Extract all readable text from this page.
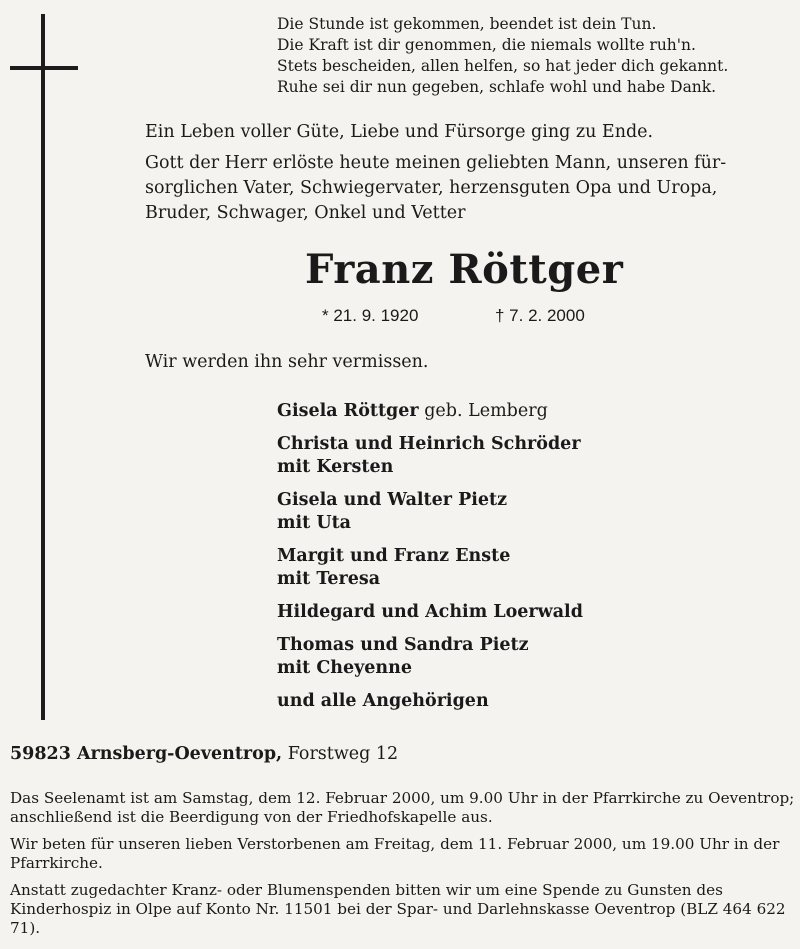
Die Stunde ist gekommen, beendet ist dein Tun.
Die Kraft ist dir genommen, die niemals wollte ruh'n.
Stets bescheiden, allen helfen, so hat jeder dich gekannt.
Ruhe sei dir nun gegeben, schlafe wohl und habe Dank.

Ein Leben voller Güte, Liebe und Fürsorge ging zu Ende.

Gott der Herr erlöste heute meinen geliebten Mann, unseren für-

sorglichen Vater, Schwiegervater, herzensguten Opa und Uropa,

Bruder, Schwager, Onkel und Vetter

Franz Röttger
* 21. 9. 1920	† 7. 2. 2000
Wir werden ihn sehr vermissen.
Gisela Röttger geb. Lemberg
Christa und Heinrich Schröder
mit Kersten
Gisela und Walter Pietz
mit Uta
Margit und Franz Enste
mit Teresa
Hildegard und Achim Loerwald
Thomas und Sandra Pietz
mit Cheyenne
und alle Angehörigen
59823 Arnsberg-Oeventrop, Forstweg 12

Das Seelenamt ist am Samstag, dem 12. Februar 2000, um 9.00 Uhr in der Pfarrkirche zu Oeventrop; anschließend ist die Beerdigung von der Friedhofskapelle aus.

Wir beten für unseren lieben Verstorbenen am Freitag, dem 11. Februar 2000, um 19.00 Uhr in der Pfarrkirche.

Anstatt zugedachter Kranz- oder Blumenspenden bitten wir um eine Spende zu Gunsten des Kinderhospiz in Olpe auf Konto Nr. 11501 bei der Spar- und Darlehnskasse Oeventrop (BLZ 464 622 71).
